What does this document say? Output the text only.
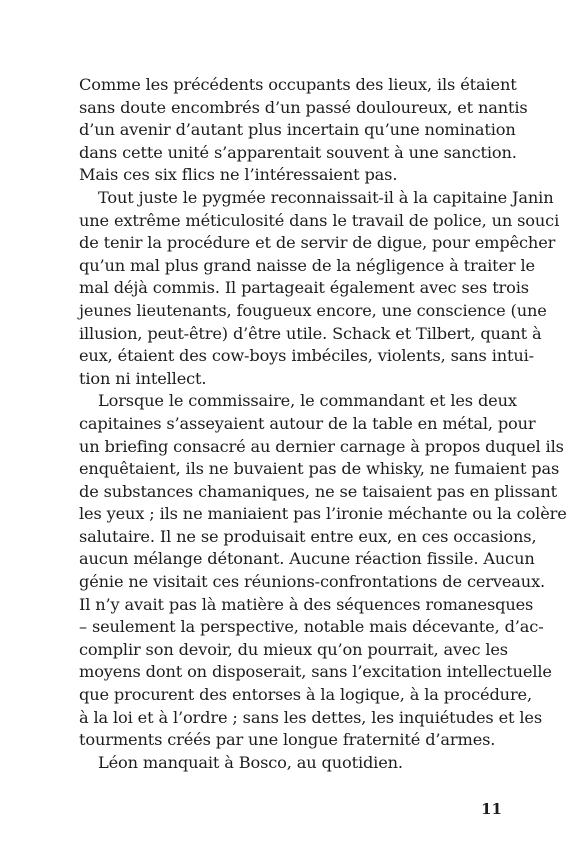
Comme les précédents occupants des lieux, ils étaient
sans doute encombrés d’un passé douloureux, et nantis
d’un avenir d’autant plus incertain qu’une nomination
dans cette unité s’apparentait souvent à une sanction.
Mais ces six flics ne l’intéressaient pas.
Tout juste le pygmée reconnaissait-il à la capitaine Janin
une extrême méticulosité dans le travail de police, un souci
de tenir la procédure et de servir de digue, pour empêcher
qu’un mal plus grand naisse de la négligence à traiter le
mal déjà commis. Il partageait également avec ses trois
jeunes lieutenants, fougueux encore, une conscience (une
illusion, peut-être) d’être utile. Schack et Tilbert, quant à
eux, étaient des cow-boys imbéciles, violents, sans intui-
tion ni intellect.
Lorsque le commissaire, le commandant et les deux
capitaines s’asseyaient autour de la table en métal, pour
un briefing consacré au dernier carnage à propos duquel ils
enquêtaient, ils ne buvaient pas de whisky, ne fumaient pas
de substances chamaniques, ne se taisaient pas en plissant
les yeux ; ils ne maniaient pas l’ironie méchante ou la colère
salutaire. Il ne se produisait entre eux, en ces occasions,
aucun mélange détonant. Aucune réaction fissile. Aucun
génie ne visitait ces réunions-confrontations de cerveaux.
Il n’y avait pas là matière à des séquences romanesques
– seulement la perspective, notable mais décevante, d’ac-
complir son devoir, du mieux qu’on pourrait, avec les
moyens dont on disposerait, sans l’excitation intellectuelle
que procurent des entorses à la logique, à la procédure,
à la loi et à l’ordre ; sans les dettes, les inquiétudes et les
tourments créés par une longue fraternité d’armes.
Léon manquait à Bosco, au quotidien.
11
